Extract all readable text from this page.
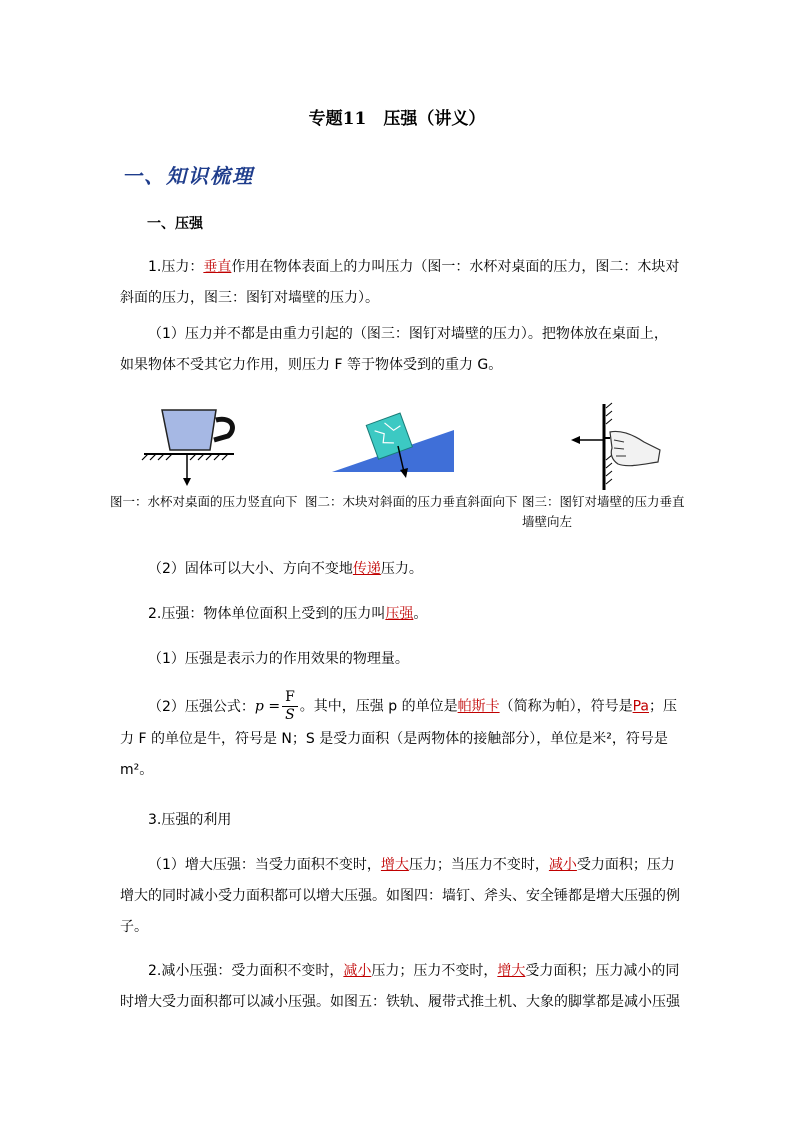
专题11　压强（讲义）
一、知识梳理
一、压强
1.压力：垂直作用在物体表面上的力叫压力（图一：水杯对桌面的压力，图二：木块对斜面的压力，图三：图钉对墙壁的压力）。
（1）压力并不都是由重力引起的（图三：图钉对墙壁的压力）。把物体放在桌面上，如果物体不受其它力作用，则压力 F 等于物体受到的重力 G。
图一：水杯对桌面的压力竖直向下 图二：木块对斜面的压力垂直斜面向下 图三：图钉对墙壁的压力垂直墙壁向左
（2）固体可以大小、方向不变地传递压力。
2.压强：物体单位面积上受到的压力叫压强。
（1）压强是表示力的作用效果的物理量。
（2）压强公式：$p = \frac{F}{S}$ 。其中，压强 p 的单位是帕斯卡（简称为帕），符号是Pa；压力 F 的单位是牛，符号是 N；S 是受力面积（是两物体的接触部分），单位是米²，符号是 m²。
3.压强的利用
（1）增大压强：当受力面积不变时，增大压力；当压力不变时，减小受力面积；压力增大的同时减小受力面积都可以增大压强。如图四：墙钉、斧头、安全锤都是增大压强的例子。
2.减小压强：受力面积不变时，减小压力；压力不变时，增大受力面积；压力减小的同时增大受力面积都可以减小压强。如图五：铁轨、履带式推土机、大象的脚掌都是减小压强
